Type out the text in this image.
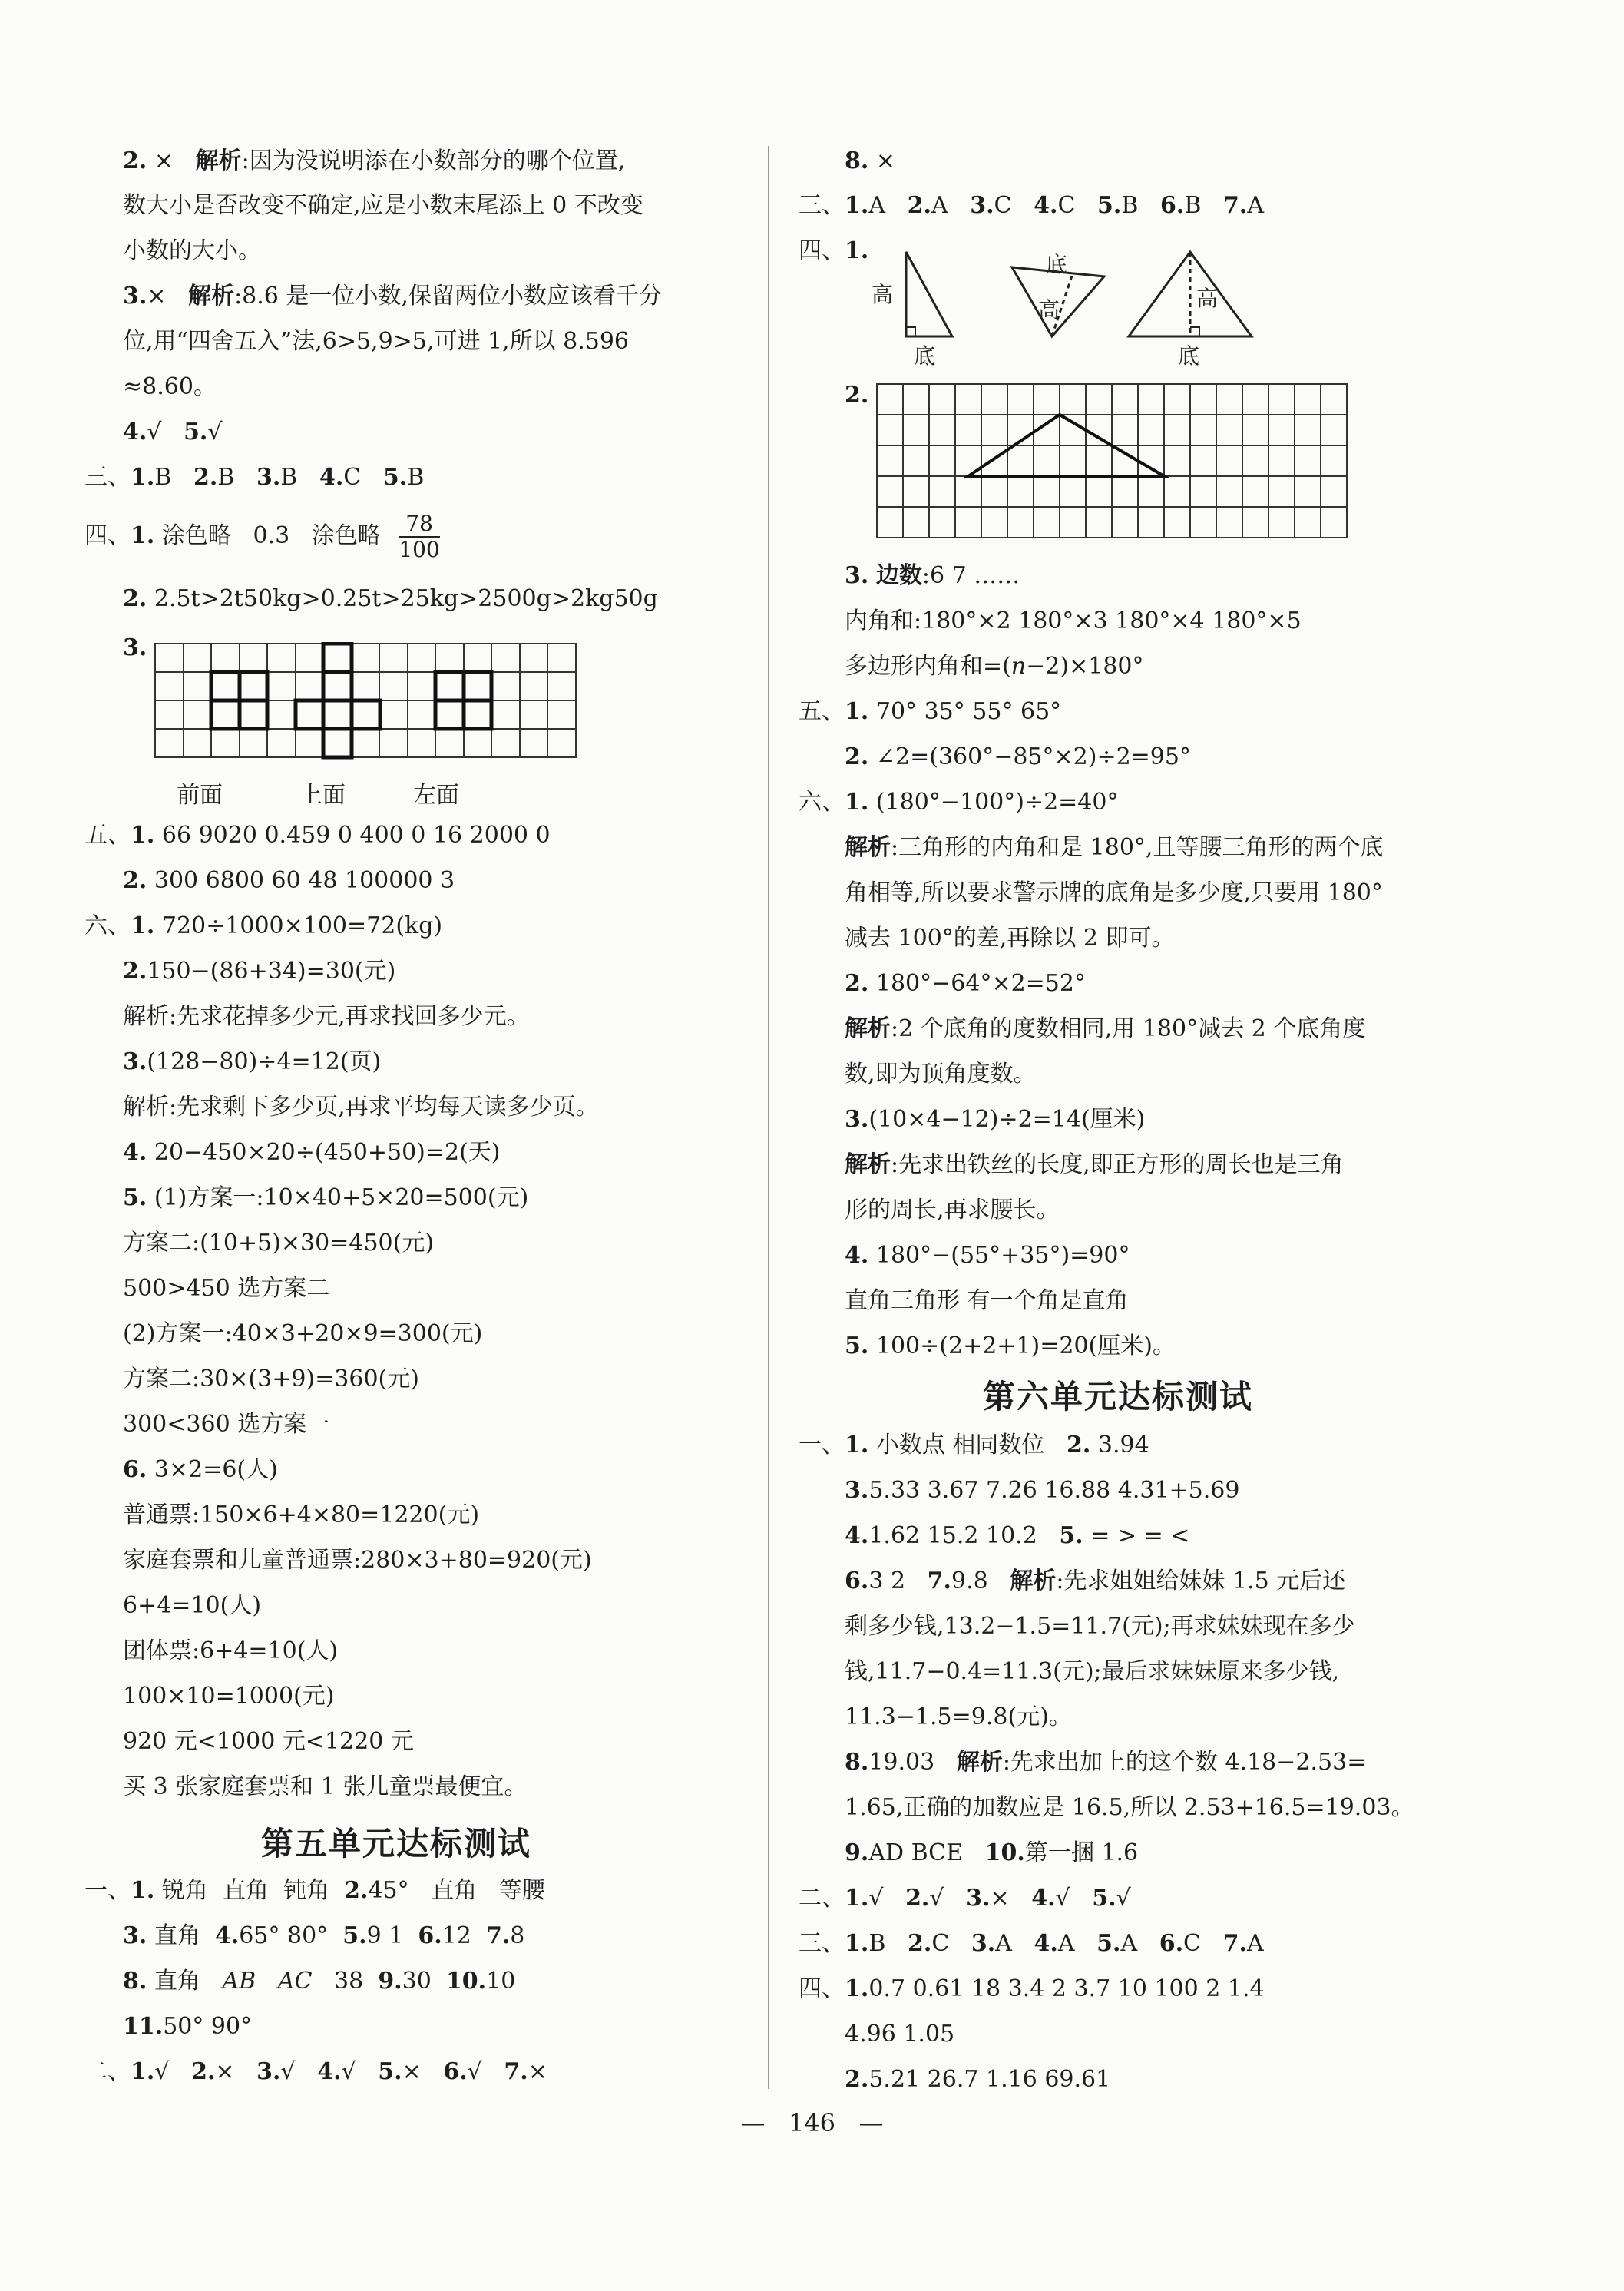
2. × 解析:因为没说明添在小数部分的哪个位置,
数大小是否改变不确定,应是小数末尾添上 0 不改变
小数的大小。
3.× 解析:8.6 是一位小数,保留两位小数应该看千分
位,用“四舍五入”法,6>5,9>5,可进 1,所以 8.596
≈8.60。
4.√ 5.√
三、1.B 2.B 3.B 4.C 5.B
四、1. 涂色略 0.3 涂色略 $\frac{78}{100}$
2. 2.5t>2t50kg>0.25t>25kg>2500g>2kg50g
3.
前面	上面	左面
五、1. 66 9020 0.459 0 400 0 16 2000 0
2. 300 6800 60 48 100000 3
六、1. 720÷1000×100=72(kg)
2.150−(86+34)=30(元)
解析:先求花掉多少元,再求找回多少元。
3.(128−80)÷4=12(页)
解析:先求剩下多少页,再求平均每天读多少页。
4. 20−450×20÷(450+50)=2(天)
5. (1)方案一:10×40+5×20=500(元)
方案二:(10+5)×30=450(元)
500>450 选方案二
(2)方案一:40×3+20×9=300(元)
方案二:30×(3+9)=360(元)
300<360 选方案一
6. 3×2=6(人)
普通票:150×6+4×80=1220(元)
家庭套票和儿童普通票:280×3+80=920(元)
6+4=10(人)
团体票:6+4=10(人)
100×10=1000(元)
920 元<1000 元<1220 元
买 3 张家庭套票和 1 张儿童票最便宜。
第五单元达标测试
一、1. 锐角 直角 钝角 2.45° 直角 等腰
3. 直角 4.65° 80° 5.9 1 6.12 7.8
8. 直角 AB AC 38 9.30 10.10
11.50° 90°
二、1.√ 2.× 3.√ 4.√ 5.× 6.√ 7.×
8. ×
三、1.A 2.A 3.C 4.C 5.B 6.B 7.A
四、1.
高
底
底
高	高
底
2.
3. 边数:6 7 ……
内角和:180°×2 180°×3 180°×4 180°×5
多边形内角和=(n−2)×180°
五、1. 70° 35° 55° 65°
2. ∠2=(360°−85°×2)÷2=95°
六、1. (180°−100°)÷2=40°
解析:三角形的内角和是 180°,且等腰三角形的两个底
角相等,所以要求警示牌的底角是多少度,只要用 180°
减去 100°的差,再除以 2 即可。
2. 180°−64°×2=52°
解析:2 个底角的度数相同,用 180°减去 2 个底角度
数,即为顶角度数。
3.(10×4−12)÷2=14(厘米)
解析:先求出铁丝的长度,即正方形的周长也是三角
形的周长,再求腰长。
4. 180°−(55°+35°)=90°
直角三角形 有一个角是直角
5. 100÷(2+2+1)=20(厘米)。
第六单元达标测试
一、1. 小数点 相同数位 2. 3.94
3.5.33 3.67 7.26 16.88 4.31+5.69
4.1.62 15.2 10.2 5. = > = <
6.3 2 7.9.8 解析:先求姐姐给妹妹 1.5 元后还
剩多少钱,13.2−1.5=11.7(元);再求妹妹现在多少
钱,11.7−0.4=11.3(元);最后求妹妹原来多少钱,
11.3−1.5=9.8(元)。
8.19.03 解析:先求出加上的这个数 4.18−2.53=
1.65,正确的加数应是 16.5,所以 2.53+16.5=19.03。
9.AD BCE 10.第一捆 1.6
二、1.√ 2.√ 3.× 4.√ 5.√
三、1.B 2.C 3.A 4.A 5.A 6.C 7.A
四、1.0.7 0.61 18 3.4 2 3.7 10 100 2 1.4
4.96 1.05
2.5.21 26.7 1.16 69.61
— 146 —
